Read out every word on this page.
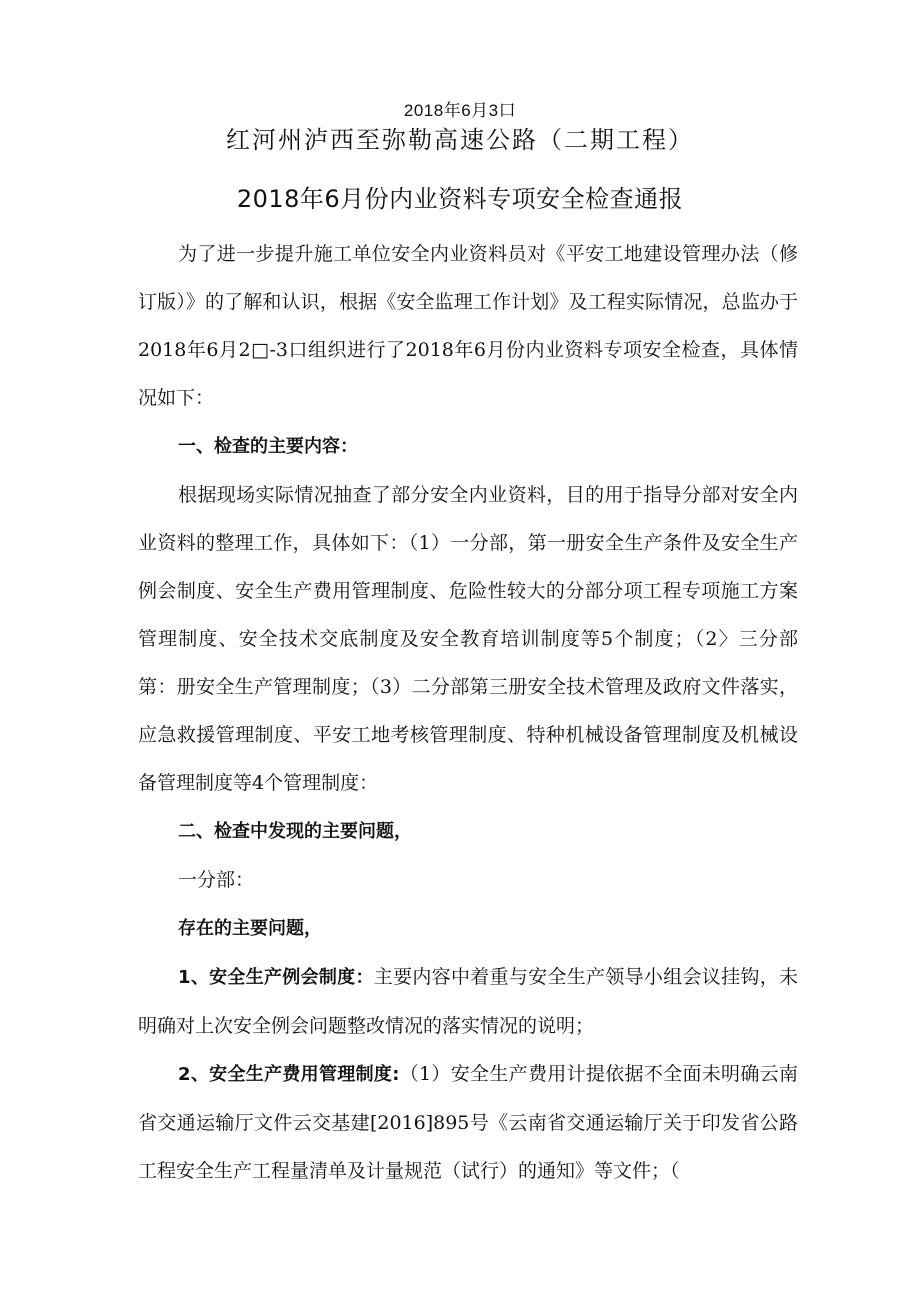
2018年6月3口
红河州泸西至弥勒高速公路（二期工程）
2018年6月份内业资料专项安全检查通报

为了进一步提升施工单位安全内业资料员对《平安工地建设管理办法（修订版）》的了解和认识，根据《安全监理工作计划》及工程实际情况，总监办于2018年6月2□-3口组织进行了2018年6月份内业资料专项安全检查，具体情况如下：

一、检查的主要内容：

根据现场实际情况抽查了部分安全内业资料，目的用于指导分部对安全内业资料的整理工作，具体如下：（1）一分部，第一册安全生产条件及安全生产例会制度、安全生产费用管理制度、危险性较大的分部分项工程专项施工方案管理制度、安全技术交底制度及安全教育培训制度等5个制度；（2〉三分部第：册安全生产管理制度；（3）二分部第三册安全技术管理及政府文件落实，应急救援管理制度、平安工地考核管理制度、特种机械设备管理制度及机械设备管理制度等4个管理制度：

二、检查中发现的主要问题，

一分部：

存在的主要问题，

1、安全生产例会制度：主要内容中着重与安全生产领导小组会议挂钩，未明确对上次安全例会问题整改情况的落实情况的说明；

2、安全生产费用管理制度:（1）安全生产费用计提依据不全面未明确云南省交通运输厅文件云交基建[2016]895号《云南省交通运输厅关于印发省公路工程安全生产工程量清单及计量规范（试行）的通知》等文件；（
